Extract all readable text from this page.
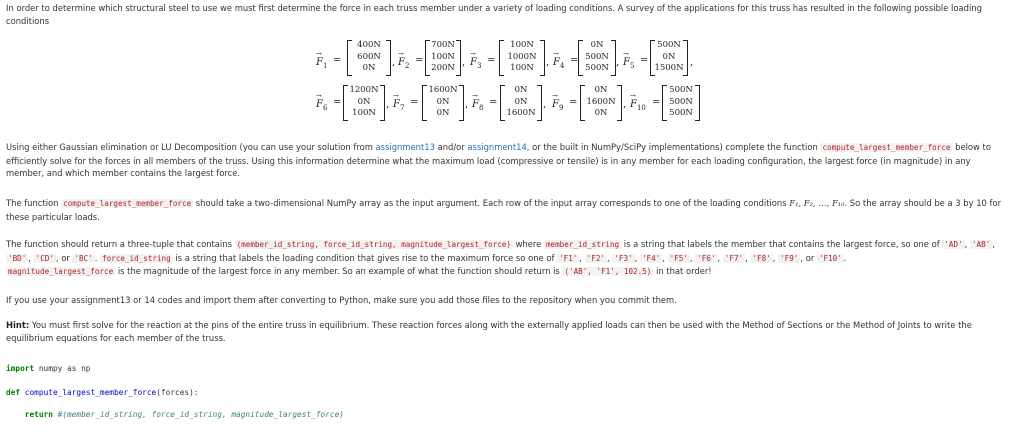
In order to determine which structural steel to use we must first determine the force in each truss member under a variety of loading conditions. A survey of the applications for this truss has resulted in the following possible loading conditions

→ $F_1$ =
400N
600N
0N	, → $F_2$ =
700N
100N
200N , → $F_3$ =
100N
1000N
100N	, → $F_4$ =
0N
500N
500N , → $F_5$ =
500N
0N
1500N ,
→ $F_6$ =
1200N
0N
100N
, → $F_7$ =
1600N
0N
0N
, → $F_8$ =
0N
0N
1600N
, → $F_9$ =
0N
1600N
0N
, → $F_{10}$ =
500N
500N
500N

Using either Gaussian elimination or LU Decomposition (you can use your solution from assignment13 and/or assignment14, or the built in NumPy/SciPy implementations) complete the function compute_largest_member_force below to efficiently solve for the forces in all members of the truss. Using this information determine what the maximum load (compressive or tensile) is in any member for each loading configuration, the largest force (in magnitude) in any member, and which member contains the largest force.

The function compute_largest_member_force should take a two-dimensional NumPy array as the input argument. Each row of the input array corresponds to one of the loading conditions F₁, F₂, …, F₁₀. So the array should be a 3 by 10 for these particular loads.

The function should return a three-tuple that contains (member_id_string, force_id_string, magnitude_largest_force) where member_id_string is a string that labels the member that contains the largest force, so one of 'AD' , 'AB' , 'BD' , 'CD' , or 'BC' . force_id_string is a string that labels the loading condition that gives rise to the maximum force so one of 'F1' , 'F2' , 'F3' , 'F4' , 'F5' , 'F6' , 'F7' , 'F8' , 'F9' , or 'F10' .
magnitude_largest_force is the magnitude of the largest force in any member. So an example of what the function should return is ('AB', 'F1', 102.5) in that order!

If you use your assignment13 or 14 codes and import them after converting to Python, make sure you add those files to the repository when you commit them.

Hint: You must first solve for the reaction at the pins of the entire truss in equilibrium. These reaction forces along with the externally applied loads can then be used with the Method of Sections or the Method of Joints to write the equilibrium equations for each member of the truss.

import numpy as np
def compute_largest_member_force(forces):
return #(member_id_string, force_id_string, magnitude_largest_force)
